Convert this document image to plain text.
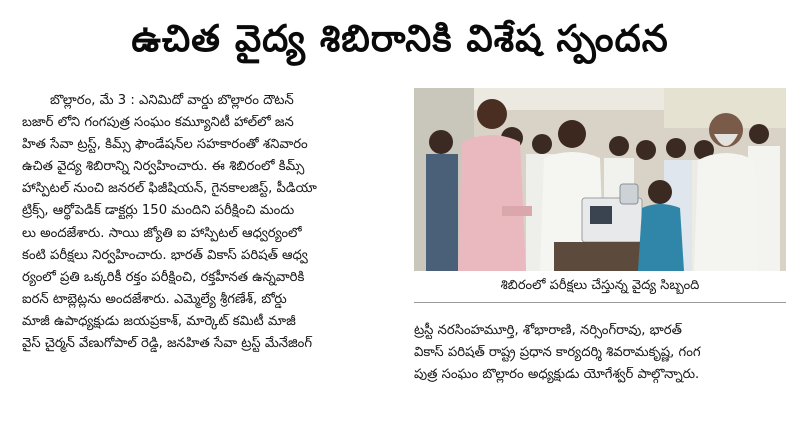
ఉచిత వైద్య శిబిరానికి విశేష స్పందన
బొల్లారం, మే 3 : ఎనిమిదో వార్డు బొల్లారం దౌటన్
బజార్ లోని గంగపుత్ర సంఘం కమ్యూనిటీ హాల్‌లో జన
హిత సేవా ట్రస్ట్, కిమ్స్ ఫౌండేషన్‌ల సహకారంతో శనివారం
ఉచిత వైద్య శిబిరాన్ని నిర్వహించారు. ఈ శిబిరంలో కిమ్స్
హాస్పిటల్ నుంచి జనరల్ ఫిజీషియన్, గైనకాలజిస్ట్, పీడియా
ట్రిక్స్, ఆర్థోపెడిక్ డాక్టర్లు 150 మందిని పరీక్షించి మందు
లు అందజేశారు. సాయి జ్యోతి ఐ హాస్పిటల్ ఆధ్వర్యంలో
కంటి పరీక్షలు నిర్వహించారు. భారత్ వికాస్ పరిషత్ ఆధ్వ
ర్యంలో ప్రతి ఒక్కరికీ రక్తం పరీక్షించి, రక్తహీనత ఉన్నవారికి
ఐరన్ టాబ్లెట్లను అందజేశారు. ఎమ్మెల్యే శ్రీగణేశ్, బోర్డు
మాజీ ఉపాధ్యక్షుడు జయప్రకాశ్, మార్కెట్ కమిటీ మాజీ
వైస్ చైర్మన్ వేణుగోపాల్ రెడ్డి, జనహిత సేవా ట్రస్ట్ మేనేజింగ్
శిబిరంలో పరీక్షలు చేస్తున్న వైద్య సిబ్బంది
ట్రస్టీ నరసింహమూర్తి, శోభారాణి, నర్సింగ్‌రావు, భారత్
వికాస్ పరిషత్ రాష్ట్ర ప్రధాన కార్యదర్శి శివరామకృష్ణ, గంగ
పుత్ర సంఘం బొల్లారం అధ్యక్షుడు యోగేశ్వర్ పాల్గొన్నారు.
